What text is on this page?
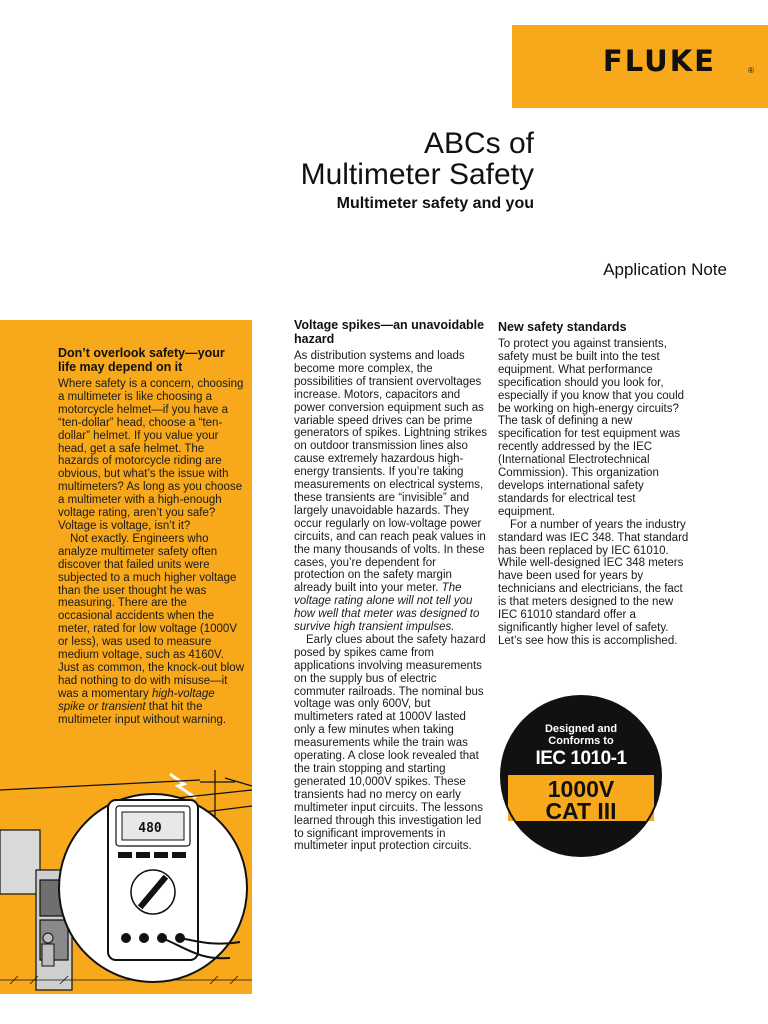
FLUKE	®
ABCs of
Multimeter Safety
Multimeter safety and you
Application Note
Don’t overlook safety—your life may depend on it

Where safety is a concern, choosing a multimeter is like choosing a motorcycle helmet—if you have a “ten-dollar” head, choose a “ten-dollar” helmet. If you value your head, get a safe helmet. The hazards of motorcycle riding are obvious, but what’s the issue with multimeters? As long as you choose a multimeter with a high-enough voltage rating, aren’t you safe? Voltage is voltage, isn’t it?

Not exactly. Engineers who analyze multimeter safety often discover that failed units were subjected to a much higher voltage than the user thought he was measuring. There are the occasional accidents when the meter, rated for low voltage (1000V or less), was used to measure medium voltage, such as 4160V. Just as common, the knock-out blow had nothing to do with misuse—it was a momentary high-voltage spike or transient that hit the multimeter input without warning.

480
Voltage spikes—an unavoidable hazard

As distribution systems and loads become more complex, the possibilities of transient overvoltages increase. Motors, capacitors and power conversion equipment such as variable speed drives can be prime generators of spikes. Lightning strikes on outdoor transmission lines also cause extremely hazardous high-energy transients. If you’re taking measurements on electrical systems, these transients are “invisible” and largely unavoidable hazards. They occur regularly on low-voltage power circuits, and can reach peak values in the many thousands of volts. In these cases, you’re dependent for protection on the safety margin already built into your meter. The voltage rating alone will not tell you how well that meter was designed to survive high transient impulses.

Early clues about the safety hazard posed by spikes came from applications involving measurements on the supply bus of electric commuter railroads. The nominal bus voltage was only 600V, but multimeters rated at 1000V lasted only a few minutes when taking measurements while the train was operating. A close look revealed that the train stopping and starting generated 10,000V spikes. These transients had no mercy on early multimeter input circuits. The lessons learned through this investigation led to significant improvements in multimeter input protection circuits.

New safety standards

To protect you against transients, safety must be built into the test equipment. What performance specification should you look for, especially if you know that you could be working on high-energy circuits? The task of defining a new specification for test equipment was recently addressed by the IEC (International Electrotechnical Commission). This organization develops international safety standards for electrical test equipment.

For a number of years the industry standard was IEC 348. That standard has been replaced by IEC 61010. While well-designed IEC 348 meters have been used for years by technicians and electricians, the fact is that meters designed to the new IEC 61010 standard offer a significantly higher level of safety. Let’s see how this is accomplished.

Designed and
Conforms to
IEC 1010-1
1000V
CAT III
